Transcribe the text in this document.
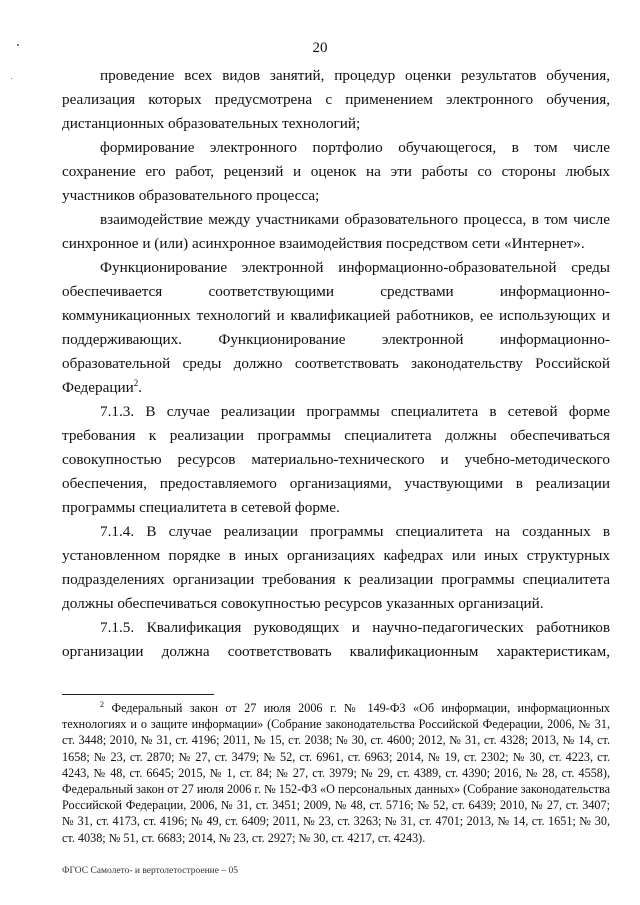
20

проведение всех видов занятий, процедур оценки результатов обучения, реализация которых предусмотрена с применением электронного обучения, дистанционных образовательных технологий;

формирование электронного портфолио обучающегося, в том числе сохранение его работ, рецензий и оценок на эти работы со стороны любых участников образовательного процесса;

взаимодействие между участниками образовательного процесса, в том числе синхронное и (или) асинхронное взаимодействия посредством сети «Интернет».

Функционирование электронной информационно-образовательной среды обеспечивается соответствующими средствами информационно-коммуникационных технологий и квалификацией работников, ее использующих и поддерживающих. Функционирование электронной информационно-образовательной среды должно соответствовать законодательству Российской Федерации$^2$.

7.1.3. В случае реализации программы специалитета в сетевой форме требования к реализации программы специалитета должны обеспечиваться совокупностью ресурсов материально-технического и учебно-методического обеспечения, предоставляемого организациями, участвующими в реализации программы специалитета в сетевой форме.

7.1.4. В случае реализации программы специалитета на созданных в установленном порядке в иных организациях кафедрах или иных структурных подразделениях организации требования к реализации программы специалитета должны обеспечиваться совокупностью ресурсов указанных организаций.

7.1.5. Квалификация руководящих и научно-педагогических работников организации должна соответствовать квалификационным характеристикам,

$^2$ Федеральный закон от 27 июля 2006 г. № 149-ФЗ «Об информации, информационных технологиях и о защите информации» (Собрание законодательства Российской Федерации, 2006, № 31, ст. 3448; 2010, № 31, ст. 4196; 2011, № 15, ст. 2038; № 30, ст. 4600; 2012, № 31, ст. 4328; 2013, № 14, ст. 1658; № 23, ст. 2870; № 27, ст. 3479; № 52, ст. 6961, ст. 6963; 2014, № 19, ст. 2302; № 30, ст. 4223, ст. 4243, № 48, ст. 6645; 2015, № 1, ст. 84; № 27, ст. 3979; № 29, ст. 4389, ст. 4390; 2016, № 28, ст. 4558), Федеральный закон от 27 июля 2006 г. № 152-ФЗ «О персональных данных» (Собрание законодательства Российской Федерации, 2006, № 31, ст. 3451; 2009, № 48, ст. 5716; № 52, ст. 6439; 2010, № 27, ст. 3407; № 31, ст. 4173, ст. 4196; № 49, ст. 6409; 2011, № 23, ст. 3263; № 31, ст. 4701; 2013, № 14, ст. 1651; № 30, ст. 4038; № 51, ст. 6683; 2014, № 23, ст. 2927; № 30, ст. 4217, ст. 4243).
ФГОС Самолето- и вертолетостроение – 05
